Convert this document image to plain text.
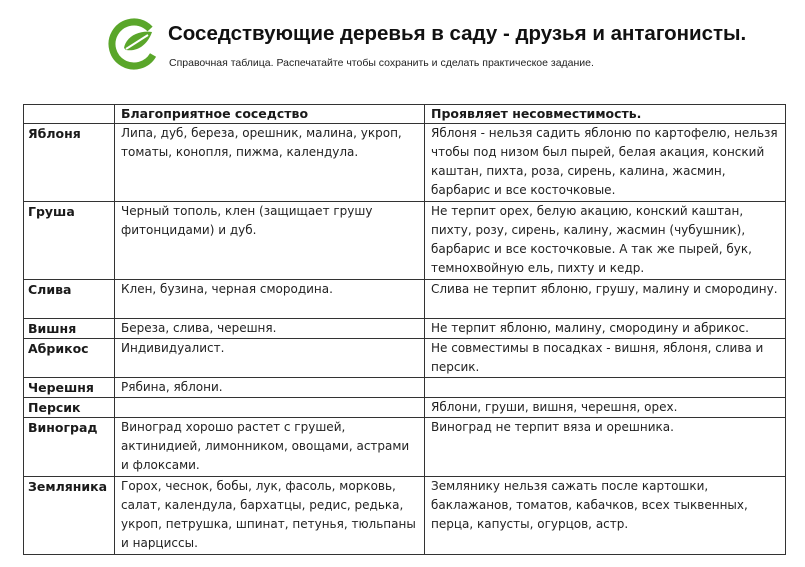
Соседствующие деревья в саду - друзья и антагонисты.
Справочная таблица. Распечатайте чтобы сохранить и сделать практическое задание.
	Благоприятное соседство	Проявляет несовместимость.
Яблоня	Липа, дуб, береза, орешник, малина, укроп, томаты, конопля, пижма, календула.	Яблоня - нельзя садить яблоню по картофелю, нельзя чтобы под низом был пырей, белая акация, конский каштан, пихта, роза, сирень, калина, жасмин, барбарис и все косточковые.
Груша	Черный тополь, клен (защищает грушу фитонцидами) и дуб.	Не терпит орех, белую акацию, конский каштан, пихту, розу, сирень, калину, жасмин (чубушник), барбарис и все косточковые. А так же пырей, бук, темнохвойную ель, пихту и кедр.
Слива	Клен, бузина, черная смородина.	Слива не терпит яблоню, грушу, малину и смородину.
Вишня	Береза, слива, черешня.	Не терпит яблоню, малину, смородину и абрикос.
Абрикос	Индивидуалист.	Не совместимы в посадках - вишня, яблоня, слива и персик.
Черешня	Рябина, яблони.	
Персик		Яблони, груши, вишня, черешня, орех.
Виноград	Виноград хорошо растет с грушей, актинидией, лимонником, овощами, астрами и флоксами.	Виноград не терпит вяза и орешника.
Земляника	Горох, чеснок, бобы, лук, фасоль, морковь, салат, календула, бархатцы, редис, редька, укроп, петрушка, шпинат, петунья, тюльпаны и нарциссы.	Землянику нельзя сажать после картошки, баклажанов, томатов, кабачков, всех тыквенных, перца, капусты, огурцов, астр.
